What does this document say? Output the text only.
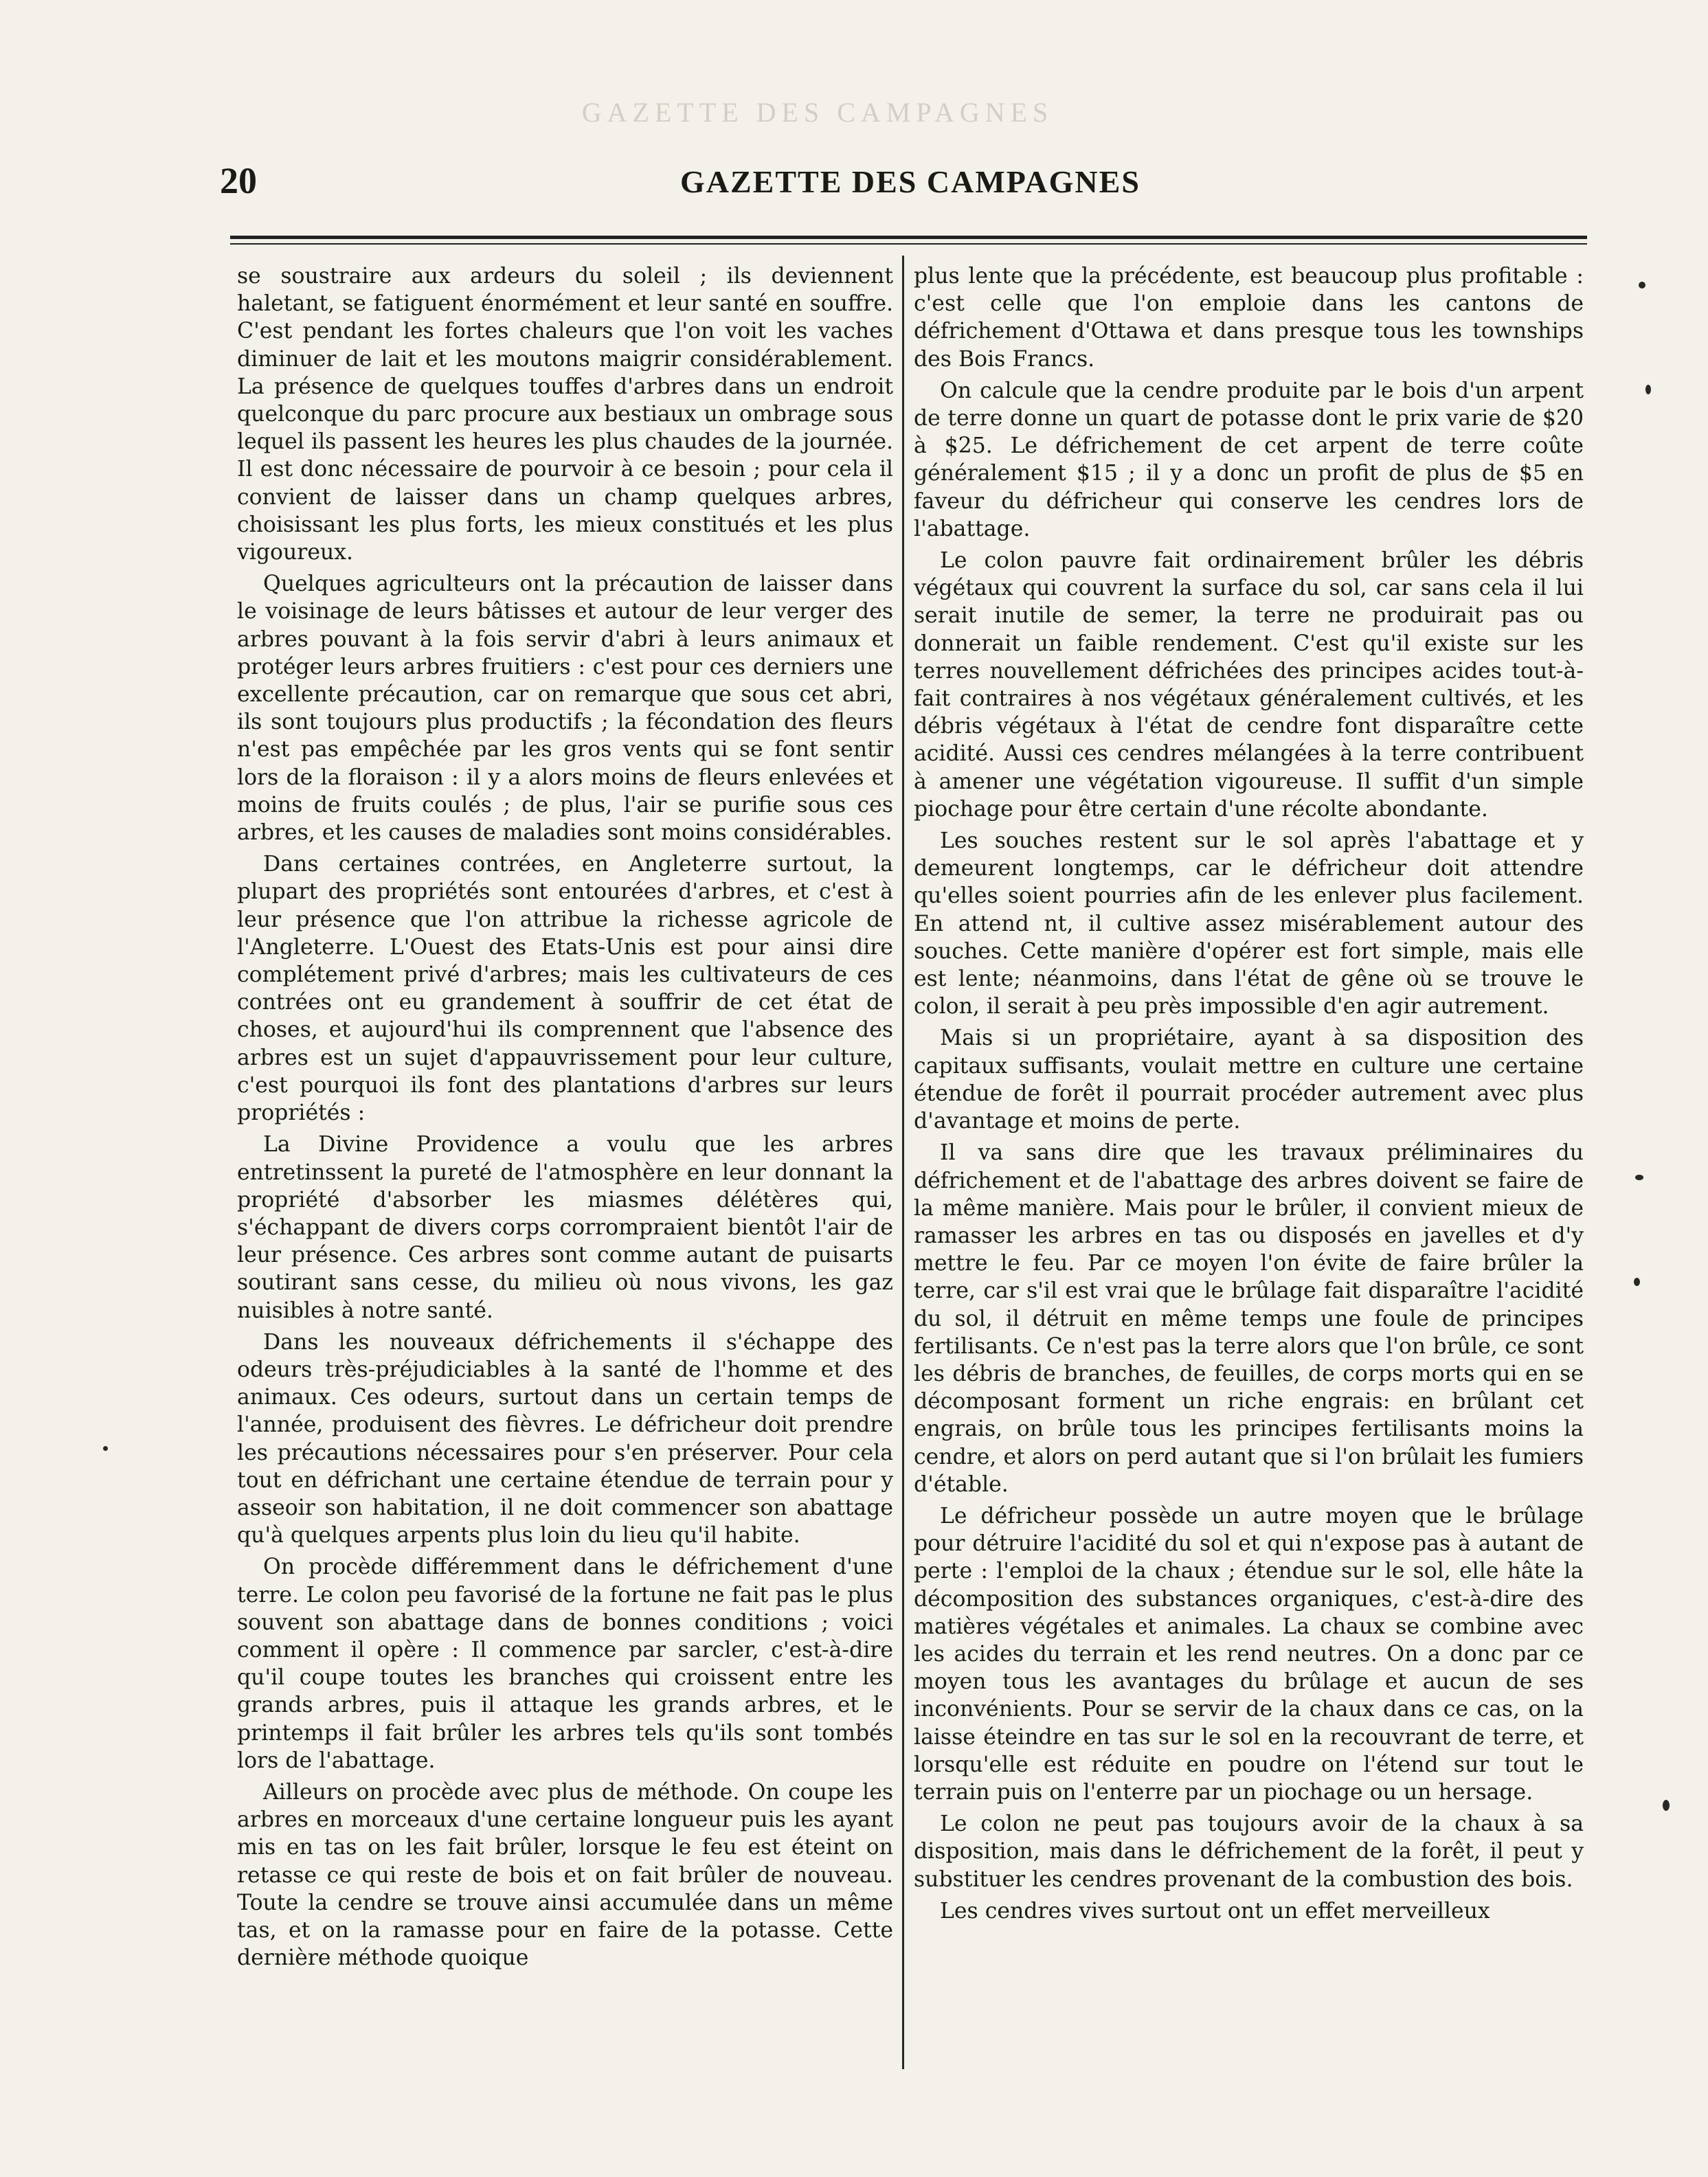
GAZETTE DES CAMPAGNES
20	GAZETTE DES CAMPAGNES

se soustraire aux ardeurs du soleil ; ils deviennent haletant, se fatiguent énormément et leur santé en souffre. C'est pendant les fortes chaleurs que l'on voit les vaches diminuer de lait et les moutons maigrir considérablement. La présence de quelques touffes d'arbres dans un endroit quelconque du parc procure aux bestiaux un ombrage sous lequel ils passent les heures les plus chaudes de la journée. Il est donc nécessaire de pourvoir à ce besoin ; pour cela il convient de laisser dans un champ quelques arbres, choisissant les plus forts, les mieux constitués et les plus vigoureux.

Quelques agriculteurs ont la précaution de laisser dans le voisinage de leurs bâtisses et autour de leur verger des arbres pouvant à la fois servir d'abri à leurs animaux et protéger leurs arbres fruitiers : c'est pour ces derniers une excellente précaution, car on remarque que sous cet abri, ils sont toujours plus productifs ; la fécondation des fleurs n'est pas empêchée par les gros vents qui se font sentir lors de la floraison : il y a alors moins de fleurs enlevées et moins de fruits coulés ; de plus, l'air se purifie sous ces arbres, et les causes de maladies sont moins considérables.

Dans certaines contrées, en Angleterre surtout, la plupart des propriétés sont entourées d'arbres, et c'est à leur présence que l'on attribue la richesse agricole de l'Angleterre. L'Ouest des Etats-Unis est pour ainsi dire complétement privé d'arbres; mais les cultivateurs de ces contrées ont eu grandement à souffrir de cet état de choses, et aujourd'hui ils comprennent que l'absence des arbres est un sujet d'appauvrissement pour leur culture, c'est pourquoi ils font des plantations d'arbres sur leurs propriétés :

La Divine Providence a voulu que les arbres entretinssent la pureté de l'atmosphère en leur donnant la propriété d'absorber les miasmes délétères qui, s'échappant de divers corps corrompraient bientôt l'air de leur présence. Ces arbres sont comme autant de puisarts soutirant sans cesse, du milieu où nous vivons, les gaz nuisibles à notre santé.

Dans les nouveaux défrichements il s'échappe des odeurs très-préjudiciables à la santé de l'homme et des animaux. Ces odeurs, surtout dans un certain temps de l'année, produisent des fièvres. Le défricheur doit prendre les précautions nécessaires pour s'en préserver. Pour cela tout en défrichant une certaine étendue de terrain pour y asseoir son habitation, il ne doit commencer son abattage qu'à quelques arpents plus loin du lieu qu'il habite.

On procède différemment dans le défrichement d'une terre. Le colon peu favorisé de la fortune ne fait pas le plus souvent son abattage dans de bonnes conditions ; voici comment il opère : Il commence par sarcler, c'est-à-dire qu'il coupe toutes les branches qui croissent entre les grands arbres, puis il attaque les grands arbres, et le printemps il fait brûler les arbres tels qu'ils sont tombés lors de l'abattage.

Ailleurs on procède avec plus de méthode. On coupe les arbres en morceaux d'une certaine longueur puis les ayant mis en tas on les fait brûler, lorsque le feu est éteint on retasse ce qui reste de bois et on fait brûler de nouveau. Toute la cendre se trouve ainsi accumulée dans un même tas, et on la ramasse pour en faire de la potasse. Cette dernière méthode quoique

plus lente que la précédente, est beaucoup plus profitable : c'est celle que l'on emploie dans les cantons de défrichement d'Ottawa et dans presque tous les townships des Bois Francs.

On calcule que la cendre produite par le bois d'un arpent de terre donne un quart de potasse dont le prix varie de $20 à $25. Le défrichement de cet arpent de terre coûte généralement $15 ; il y a donc un profit de plus de $5 en faveur du défricheur qui conserve les cendres lors de l'abattage.

Le colon pauvre fait ordinairement brûler les débris végétaux qui couvrent la surface du sol, car sans cela il lui serait inutile de semer, la terre ne produirait pas ou donnerait un faible rendement. C'est qu'il existe sur les terres nouvellement défrichées des principes acides tout-à-fait contraires à nos végétaux généralement cultivés, et les débris végétaux à l'état de cendre font disparaître cette acidité. Aussi ces cendres mélangées à la terre contribuent à amener une végétation vigoureuse. Il suffit d'un simple piochage pour être certain d'une récolte abondante.

Les souches restent sur le sol après l'abattage et y demeurent longtemps, car le défricheur doit attendre qu'elles soient pourries afin de les enlever plus facilement. En attend nt, il cultive assez misérablement autour des souches. Cette manière d'opérer est fort simple, mais elle est lente; néanmoins, dans l'état de gêne où se trouve le colon, il serait à peu près impossible d'en agir autrement.

Mais si un propriétaire, ayant à sa disposition des capitaux suffisants, voulait mettre en culture une certaine étendue de forêt il pourrait procéder autrement avec plus d'avantage et moins de perte.

Il va sans dire que les travaux préliminaires du défrichement et de l'abattage des arbres doivent se faire de la même manière. Mais pour le brûler, il convient mieux de ramasser les arbres en tas ou disposés en javelles et d'y mettre le feu. Par ce moyen l'on évite de faire brûler la terre, car s'il est vrai que le brûlage fait disparaître l'acidité du sol, il détruit en même temps une foule de principes fertilisants. Ce n'est pas la terre alors que l'on brûle, ce sont les débris de branches, de feuilles, de corps morts qui en se décomposant forment un riche engrais: en brûlant cet engrais, on brûle tous les principes fertilisants moins la cendre, et alors on perd autant que si l'on brûlait les fumiers d'étable.

Le défricheur possède un autre moyen que le brûlage pour détruire l'acidité du sol et qui n'expose pas à autant de perte : l'emploi de la chaux ; étendue sur le sol, elle hâte la décomposition des substances organiques, c'est-à-dire des matières végétales et animales. La chaux se combine avec les acides du terrain et les rend neutres. On a donc par ce moyen tous les avantages du brûlage et aucun de ses inconvénients. Pour se servir de la chaux dans ce cas, on la laisse éteindre en tas sur le sol en la recouvrant de terre, et lorsqu'elle est réduite en poudre on l'étend sur tout le terrain puis on l'enterre par un piochage ou un hersage.

Le colon ne peut pas toujours avoir de la chaux à sa disposition, mais dans le défrichement de la forêt, il peut y substituer les cendres provenant de la combustion des bois.

Les cendres vives surtout ont un effet merveilleux
